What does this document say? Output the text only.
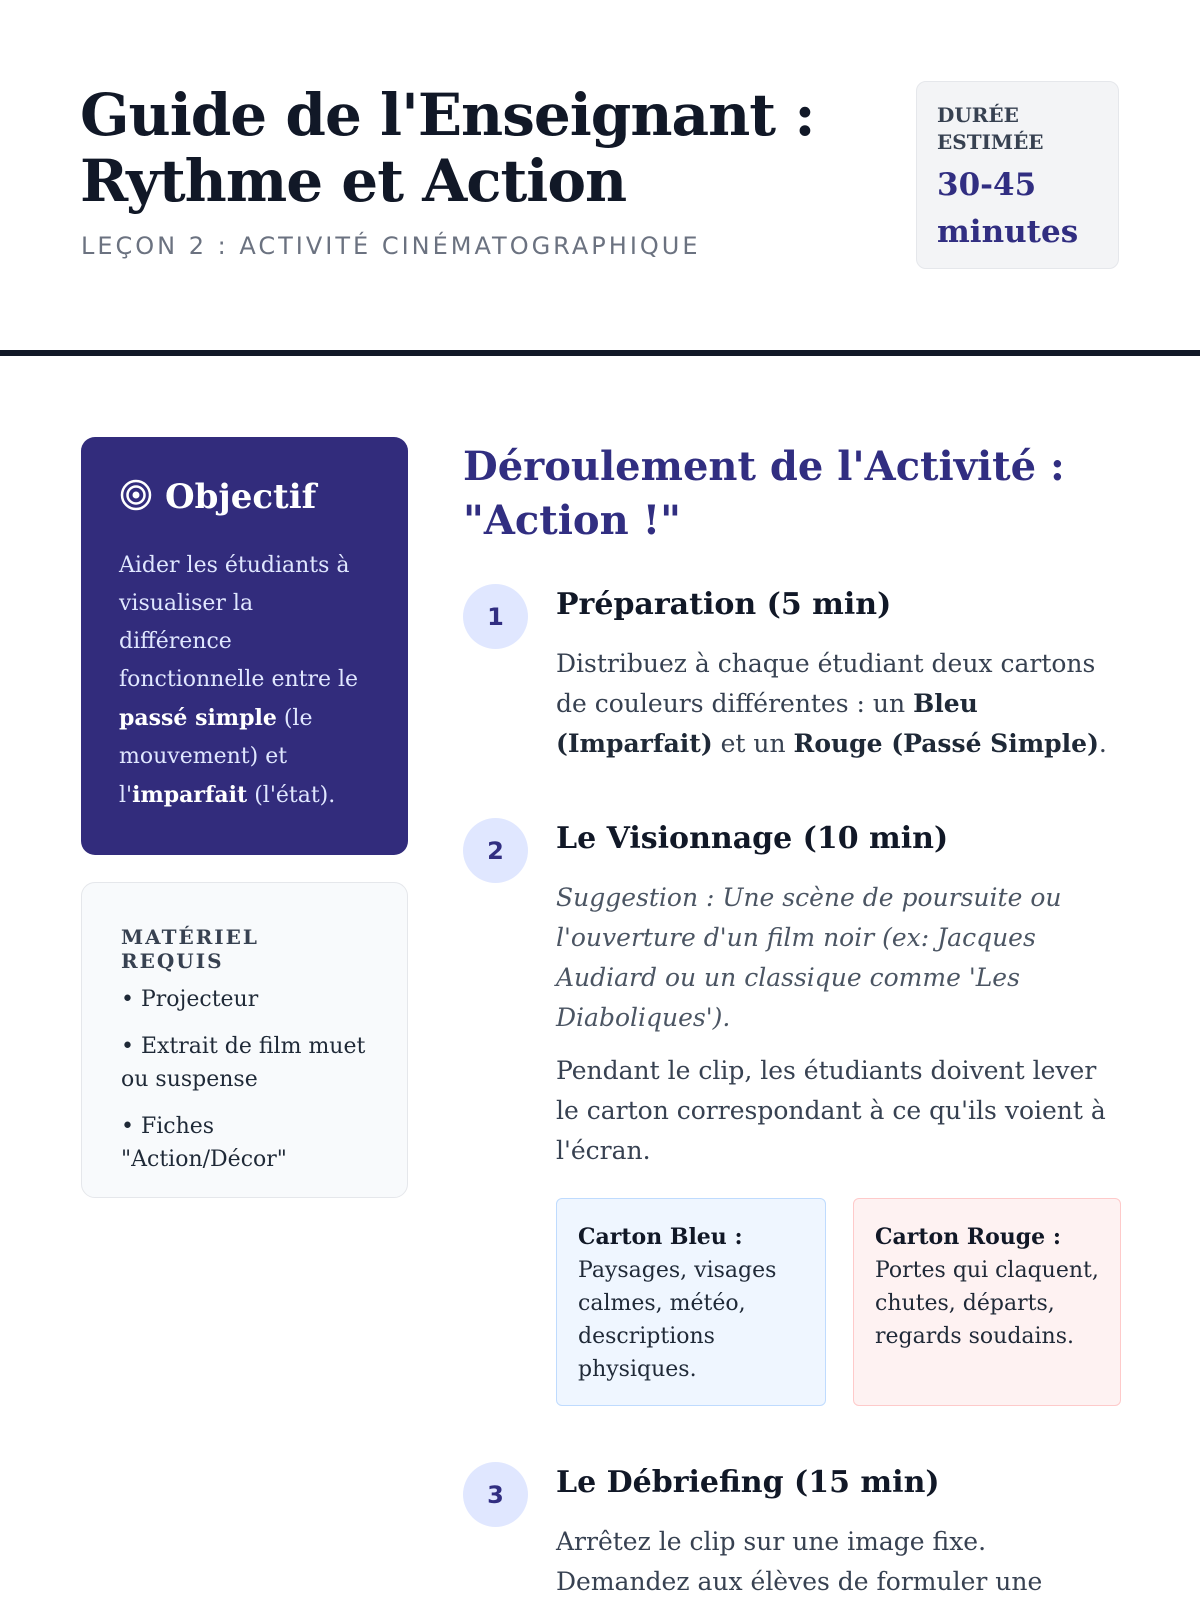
Guide de l'Enseignant :
Rythme et Action
LEÇON 2 : ACTIVITÉ CINÉMATOGRAPHIQUE
DURÉE ESTIMÉE
30-45 minutes
Objectif

Aider les étudiants à visualiser la différence fonctionnelle entre le passé simple (le mouvement) et l'imparfait (l'état).

MATÉRIEL REQUIS
• Projecteur
• Extrait de film muet ou suspense
• Fiches "Action/Décor"
Déroulement de l'Activité : "Action !"
1	Préparation (5 min)

Distribuez à chaque étudiant deux cartons de couleurs différentes : un Bleu (Imparfait) et un Rouge (Passé Simple).

2	Le Visionnage (10 min)

Suggestion : Une scène de poursuite ou l'ouverture d'un film noir (ex: Jacques Audiard ou un classique comme 'Les Diaboliques').

Pendant le clip, les étudiants doivent lever le carton correspondant à ce qu'ils voient à l'écran.

Carton Bleu :
Paysages, visages calmes, météo, descriptions physiques.
Carton Rouge :
Portes qui claquent, chutes, départs, regards soudains.
3	Le Débriefing (15 min)

Arrêtez le clip sur une image fixe. Demandez aux élèves de formuler une
